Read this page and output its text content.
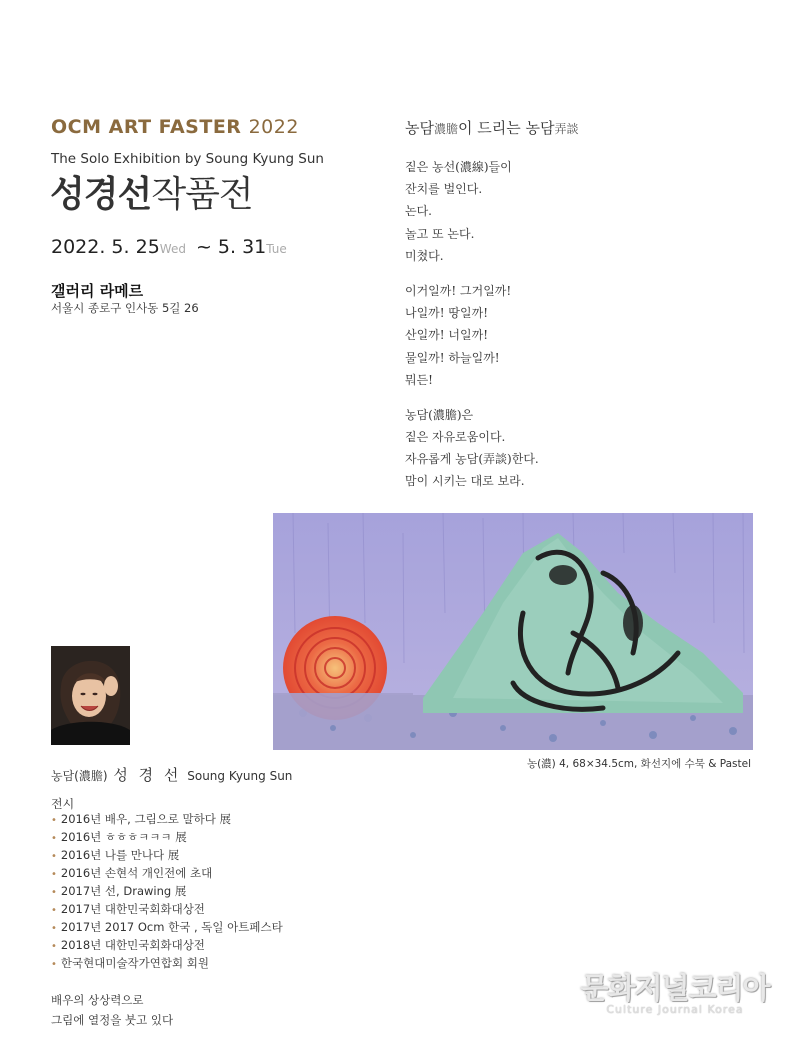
OCM ART FASTER 2022
The Solo Exhibition by Soung Kyung Sun
성경선작품전
2022. 5. 25Wed ~ 5. 31Tue
갤러리 라메르
서울시 종로구 인사동 5길 26
농담濃膽이 드리는 농담弄談
짙은 농선(濃線)들이
잔치를 벌인다.
논다.
놀고 또 논다.
미쳤다.
이거일까! 그거일까!
나일까! 땅일까!
산일까! 너일까!
물일까! 하늘일까!
뭐든!
농담(濃膽)은
짙은 자유로움이다.
자유롭게 농담(弄談)한다.
맘이 시키는 대로 보라.
농(濃) 4, 68×34.5cm, 화선지에 수묵 & Pastel
농담(濃膽) 성 경 선 Soung Kyung Sun
전시
• 2016년 배우, 그림으로 말하다 展
• 2016년 ㅎㅎㅎㅋㅋㅋ 展
• 2016년 나를 만나다 展
• 2016년 손현석 개인전에 초대
• 2017년 선, Drawing 展
• 2017년 대한민국회화대상전
• 2017년 2017 Ocm 한국 , 독일 아트페스타
• 2018년 대한민국회화대상전
• 한국현대미술작가연합회 회원
배우의 상상력으로
그림에 열정을 붓고 있다
문화저널코리아
Culture Journal Korea
